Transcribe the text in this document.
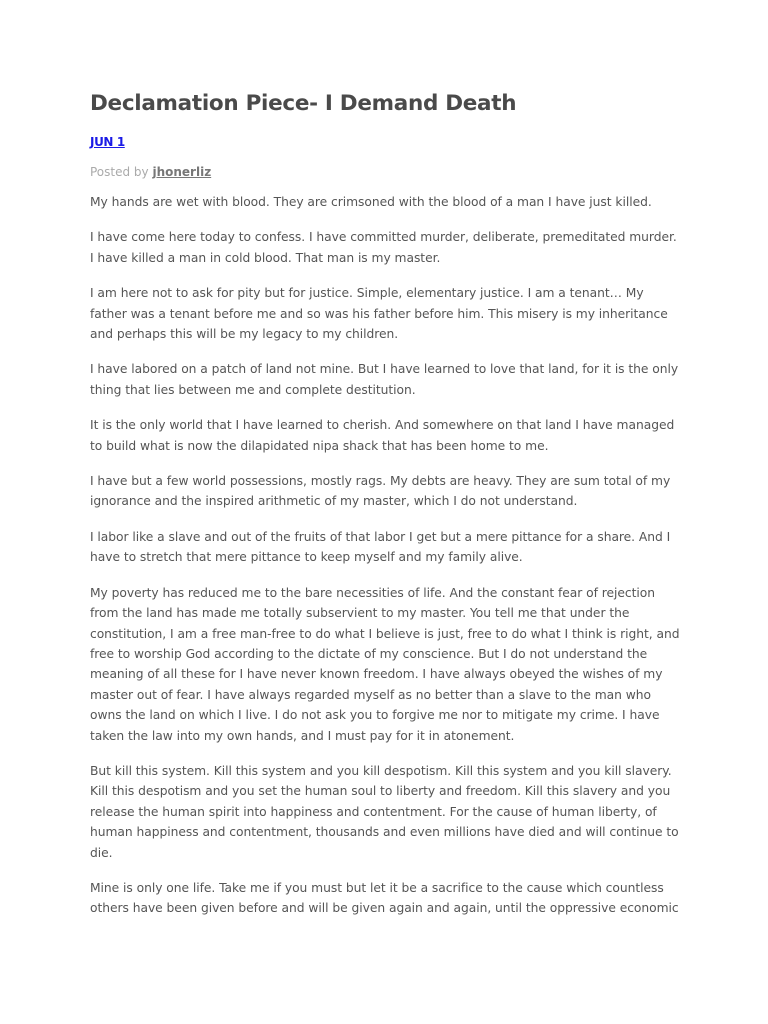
Declamation Piece- I Demand Death
JUN 1
Posted by jhonerliz

My hands are wet with blood. They are crimsoned with the blood of a man I have just killed.

I have come here today to confess. I have committed murder, deliberate, premeditated murder. I have killed a man in cold blood. That man is my master.

I am here not to ask for pity but for justice. Simple, elementary justice. I am a tenant… My father was a tenant before me and so was his father before him. This misery is my inheritance and perhaps this will be my legacy to my children.

I have labored on a patch of land not mine. But I have learned to love that land, for it is the only thing that lies between me and complete destitution.

It is the only world that I have learned to cherish. And somewhere on that land I have managed to build what is now the dilapidated nipa shack that has been home to me.

I have but a few world possessions, mostly rags. My debts are heavy. They are sum total of my ignorance and the inspired arithmetic of my master, which I do not understand.

I labor like a slave and out of the fruits of that labor I get but a mere pittance for a share. And I have to stretch that mere pittance to keep myself and my family alive.

My poverty has reduced me to the bare necessities of life. And the constant fear of rejection from the land has made me totally subservient to my master. You tell me that under the constitution, I am a free man-free to do what I believe is just, free to do what I think is right, and free to worship God according to the dictate of my conscience. But I do not understand the meaning of all these for I have never known freedom. I have always obeyed the wishes of my master out of fear. I have always regarded myself as no better than a slave to the man who owns the land on which I live. I do not ask you to forgive me nor to mitigate my crime. I have taken the law into my own hands, and I must pay for it in atonement.

But kill this system. Kill this system and you kill despotism. Kill this system and you kill slavery. Kill this despotism and you set the human soul to liberty and freedom. Kill this slavery and you release the human spirit into happiness and contentment. For the cause of human liberty, of human happiness and contentment, thousands and even millions have died and will continue to die.

Mine is only one life. Take me if you must but let it be a sacrifice to the cause which countless others have been given before and will be given again and again, until the oppressive economic
